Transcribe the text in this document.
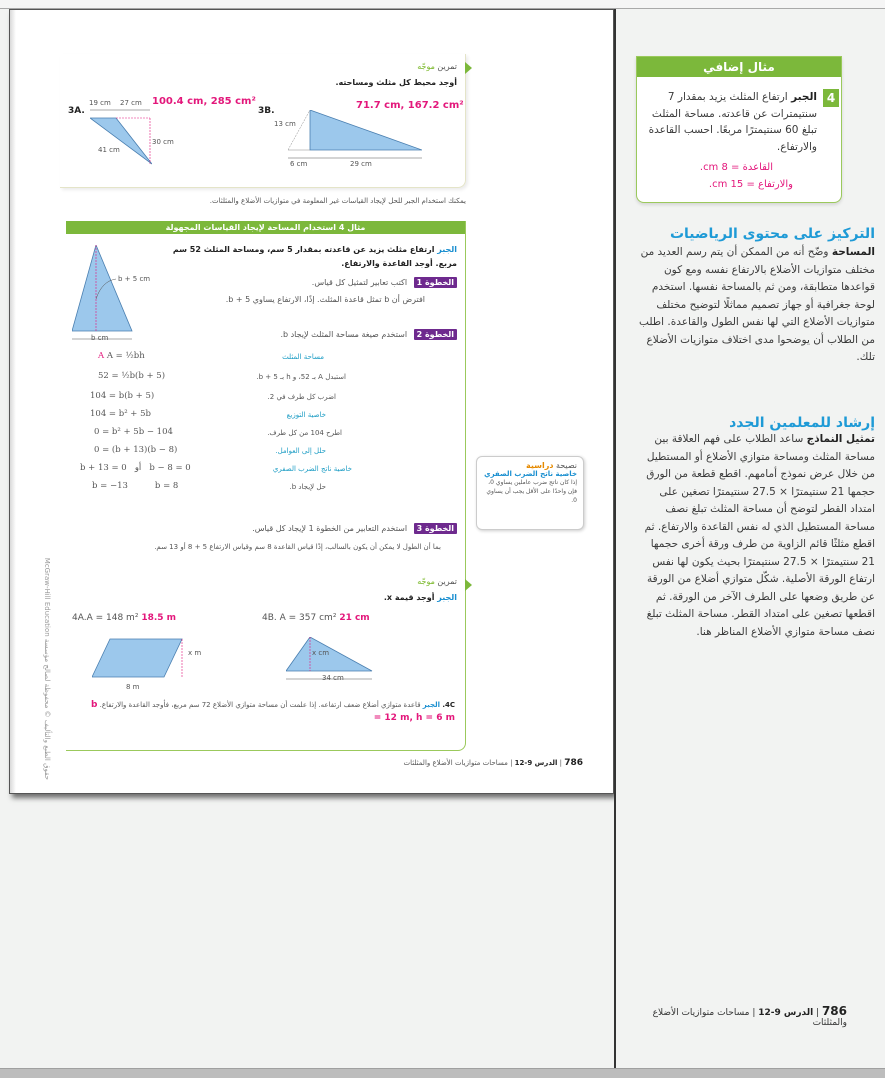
حقوق الطبع والتأليف © محفوظة لصالح مؤسسة McGraw-Hill Education
تمرين موجّه
أوجد محيط كل مثلث ومساحته.
3A.
100.4 cm, 285 cm²
19 cm 27 cm
30 cm
41 cm
3B.	71.7 cm, 167.2 cm²
13 cm
6 cm	29 cm
يمكنك استخدام الجبر للحل لإيجاد القياسات غير المعلومة في متوازيات الأضلاع والمثلثات.
مثال 4 استخدام المساحة لإيجاد القياسات المجهولة
الجبر ارتفاع مثلث يزيد عن قاعدته بمقدار 5 سم، ومساحة المثلث 52 سم مربع. أوجد القاعدة والارتفاع.
b + 5 cm
b cm
الخطوة 1 اكتب تعابير لتمثيل كل قياس.
افترض أن b تمثل قاعدة المثلث. إذًا، الارتفاع يساوي b + 5.
الخطوة 2 استخدم صيغة مساحة المثلث لإيجاد b.
A A = ½bh	مساحة المثلث
52 = ½b(b + 5)	استبدل A بـ 52، و h بـ b + 5.
104 = b(b + 5)	اضرب كل طرف في 2.
104 = b² + 5b	خاصية التوزيع
0 = b² + 5b − 104	اطرح 104 من كل طرف.
0 = (b + 13)(b − 8)	حلل إلى العوامل.
b + 13 = 0   أو   b − 8 = 0	خاصية ناتج الضرب الصفري
b = −13          b = 8	حل لإيجاد b.
الخطوة 3 استخدم التعابير من الخطوة 1 لإيجاد كل قياس.
بما أن الطول لا يمكن أن يكون بالسالب، إذًا قياس القاعدة 8 سم وقياس الارتفاع 5 + 8 أو 13 سم.
تمرين موجّه
الجبر أوجد قيمة x.
4A.A = 148 m² 18.5 m
x m
8 m
4B. A = 357 cm² 21 cm
x cm
34 cm
4C. الجبر قاعدة متوازي أضلاع ضعف ارتفاعه. إذا علمت أن مساحة متوازي الأضلاع 72 سم مربع، فأوجد القاعدة والارتفاع. b = 12 m, h = 6 m
نصيحة دراسية
خاصية ناتج الضرب الصفري
إذا كان ناتج ضرب عاملين يساوي 0، فإن واحدًا على الأقل يجب أن يساوي 0.
786 | الدرس 9-12 | مساحات متوازيات الأضلاع والمثلثات
مثال إضافي
4
الجبر ارتفاع المثلث يزيد بمقدار 7 سنتيمترات عن قاعدته. مساحة المثلث تبلغ 60 سنتيمترًا مربعًا. احسب القاعدة والارتفاع.
القاعدة = 8 cm.
والارتفاع = 15 cm.
التركيز على محتوى الرياضيات
المساحة وضّح أنه من الممكن أن يتم رسم العديد من مختلف متوازيات الأضلاع بالارتفاع نفسه ومع كون قواعدها متطابقة، ومن ثم بالمساحة نفسها. استخدم لوحة جغرافية أو جهاز تصميم مماثلًا لتوضيح مختلف متوازيات الأضلاع التي لها نفس الطول والقاعدة. اطلب من الطلاب أن يوضحوا مدى اختلاف متوازيات الأضلاع تلك.
إرشاد للمعلمين الجدد
تمثيل النماذج ساعد الطلاب على فهم العلاقة بين مساحة المثلث ومساحة متوازي الأضلاع أو المستطيل من خلال عرض نموذج أمامهم. اقطع قطعة من الورق حجمها 21 سنتيمترًا × 27.5 سنتيمترًا تصغين على امتداد القطر لتوضح أن مساحة المثلث تبلغ نصف مساحة المستطيل الذي له نفس القاعدة والارتفاع. ثم اقطع مثلثًا قائم الزاوية من طرف ورقة أخرى حجمها 21 سنتيمترًا × 27.5 سنتيمترًا بحيث يكون لها نفس ارتفاع الورقة الأصلية. شكّل متوازي أضلاع من الورقة عن طريق وضعها على الطرف الآخر من الورقة. ثم اقطعها تصغين على امتداد القطر. مساحة المثلث تبلغ نصف مساحة متوازي الأضلاع المناظر هنا.
786 | الدرس 9-12 | مساحات متوازيات الأضلاع والمثلثات
